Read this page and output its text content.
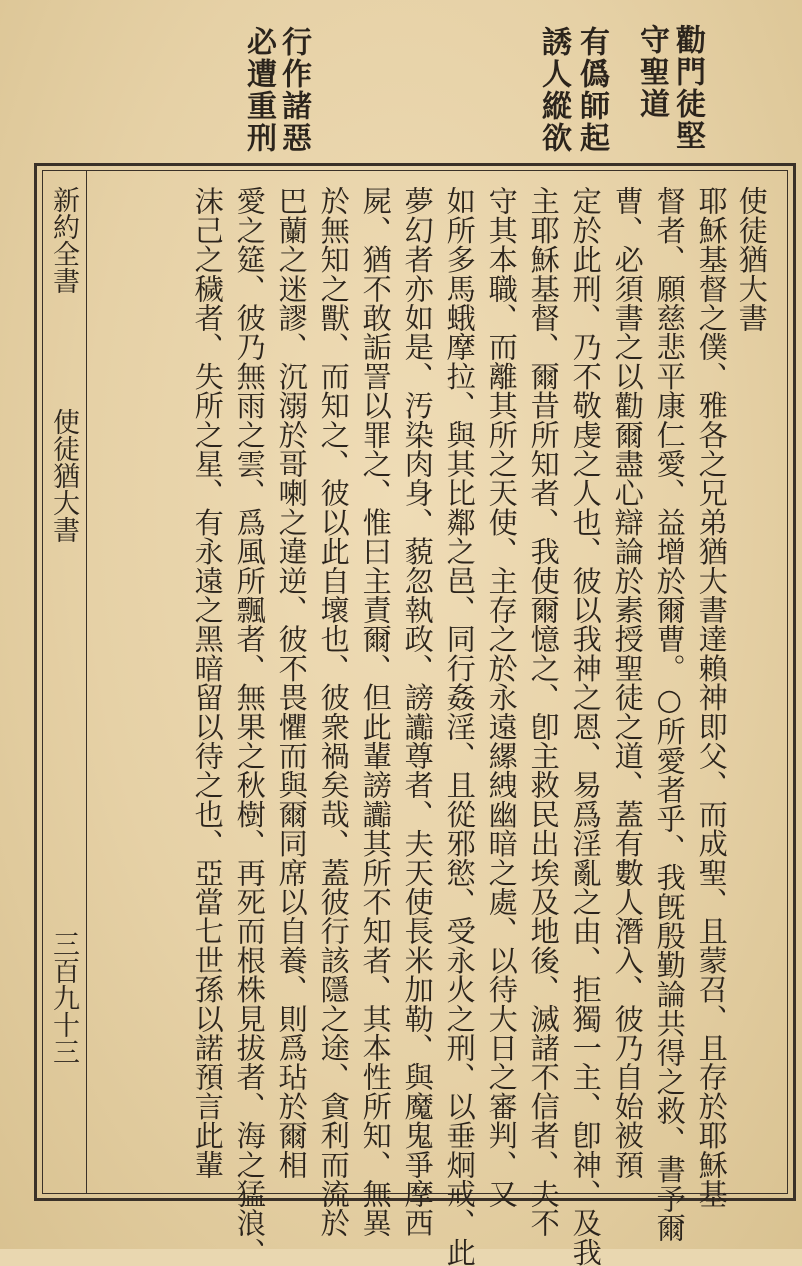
勸門徒堅
守聖道
有僞師起
誘人縱欲
行作諸惡
必遭重刑
使徒猶大書
耶穌基督之僕、雅各之兄弟猶大書達賴神即父、而成聖、且蒙召、且存於耶穌基
督者、願慈悲平康仁愛、益增於爾曹。○所愛者乎、我旣殷勤論共得之救、書予爾
曹、必須書之以勸爾盡心辯論於素授聖徒之道、蓋有數人潛入、彼乃自始被預
定於此刑、乃不敬虔之人也、彼以我神之恩、易爲淫亂之由、拒獨一主、卽神、及我
主耶穌基督、爾昔所知者、我使爾憶之、卽主救民出埃及地後、滅諸不信者、夫不
守其本職、而離其所之天使、主存之於永遠縲絏幽暗之處、以待大日之審判、又
如所多馬蛾摩拉、與其比鄰之邑、同行姦淫、且從邪慾、受永火之刑、以垂炯戒、此
夢幻者亦如是、汚染肉身、藐忽執政、謗讟尊者、夫天使長米加勒、與魔鬼爭摩西
屍、猶不敢詬詈以罪之、惟曰主責爾、但此輩謗讟其所不知者、其本性所知、無異
於無知之獸、而知之、彼以此自壞也、彼衆禍矣哉、蓋彼行該隱之途、貪利而流於
巴蘭之迷謬、沉溺於哥喇之違逆、彼不畏懼而與爾同席以自養、則爲玷於爾相
愛之筵、彼乃無雨之雲、爲風所飄者、無果之秋樹、再死而根株見拔者、海之猛浪、
沫己之穢者、失所之星、有永遠之黑暗留以待之也、亞當七世孫以諾預言此輩
新約全書
使徒猶大書
三百九十三
